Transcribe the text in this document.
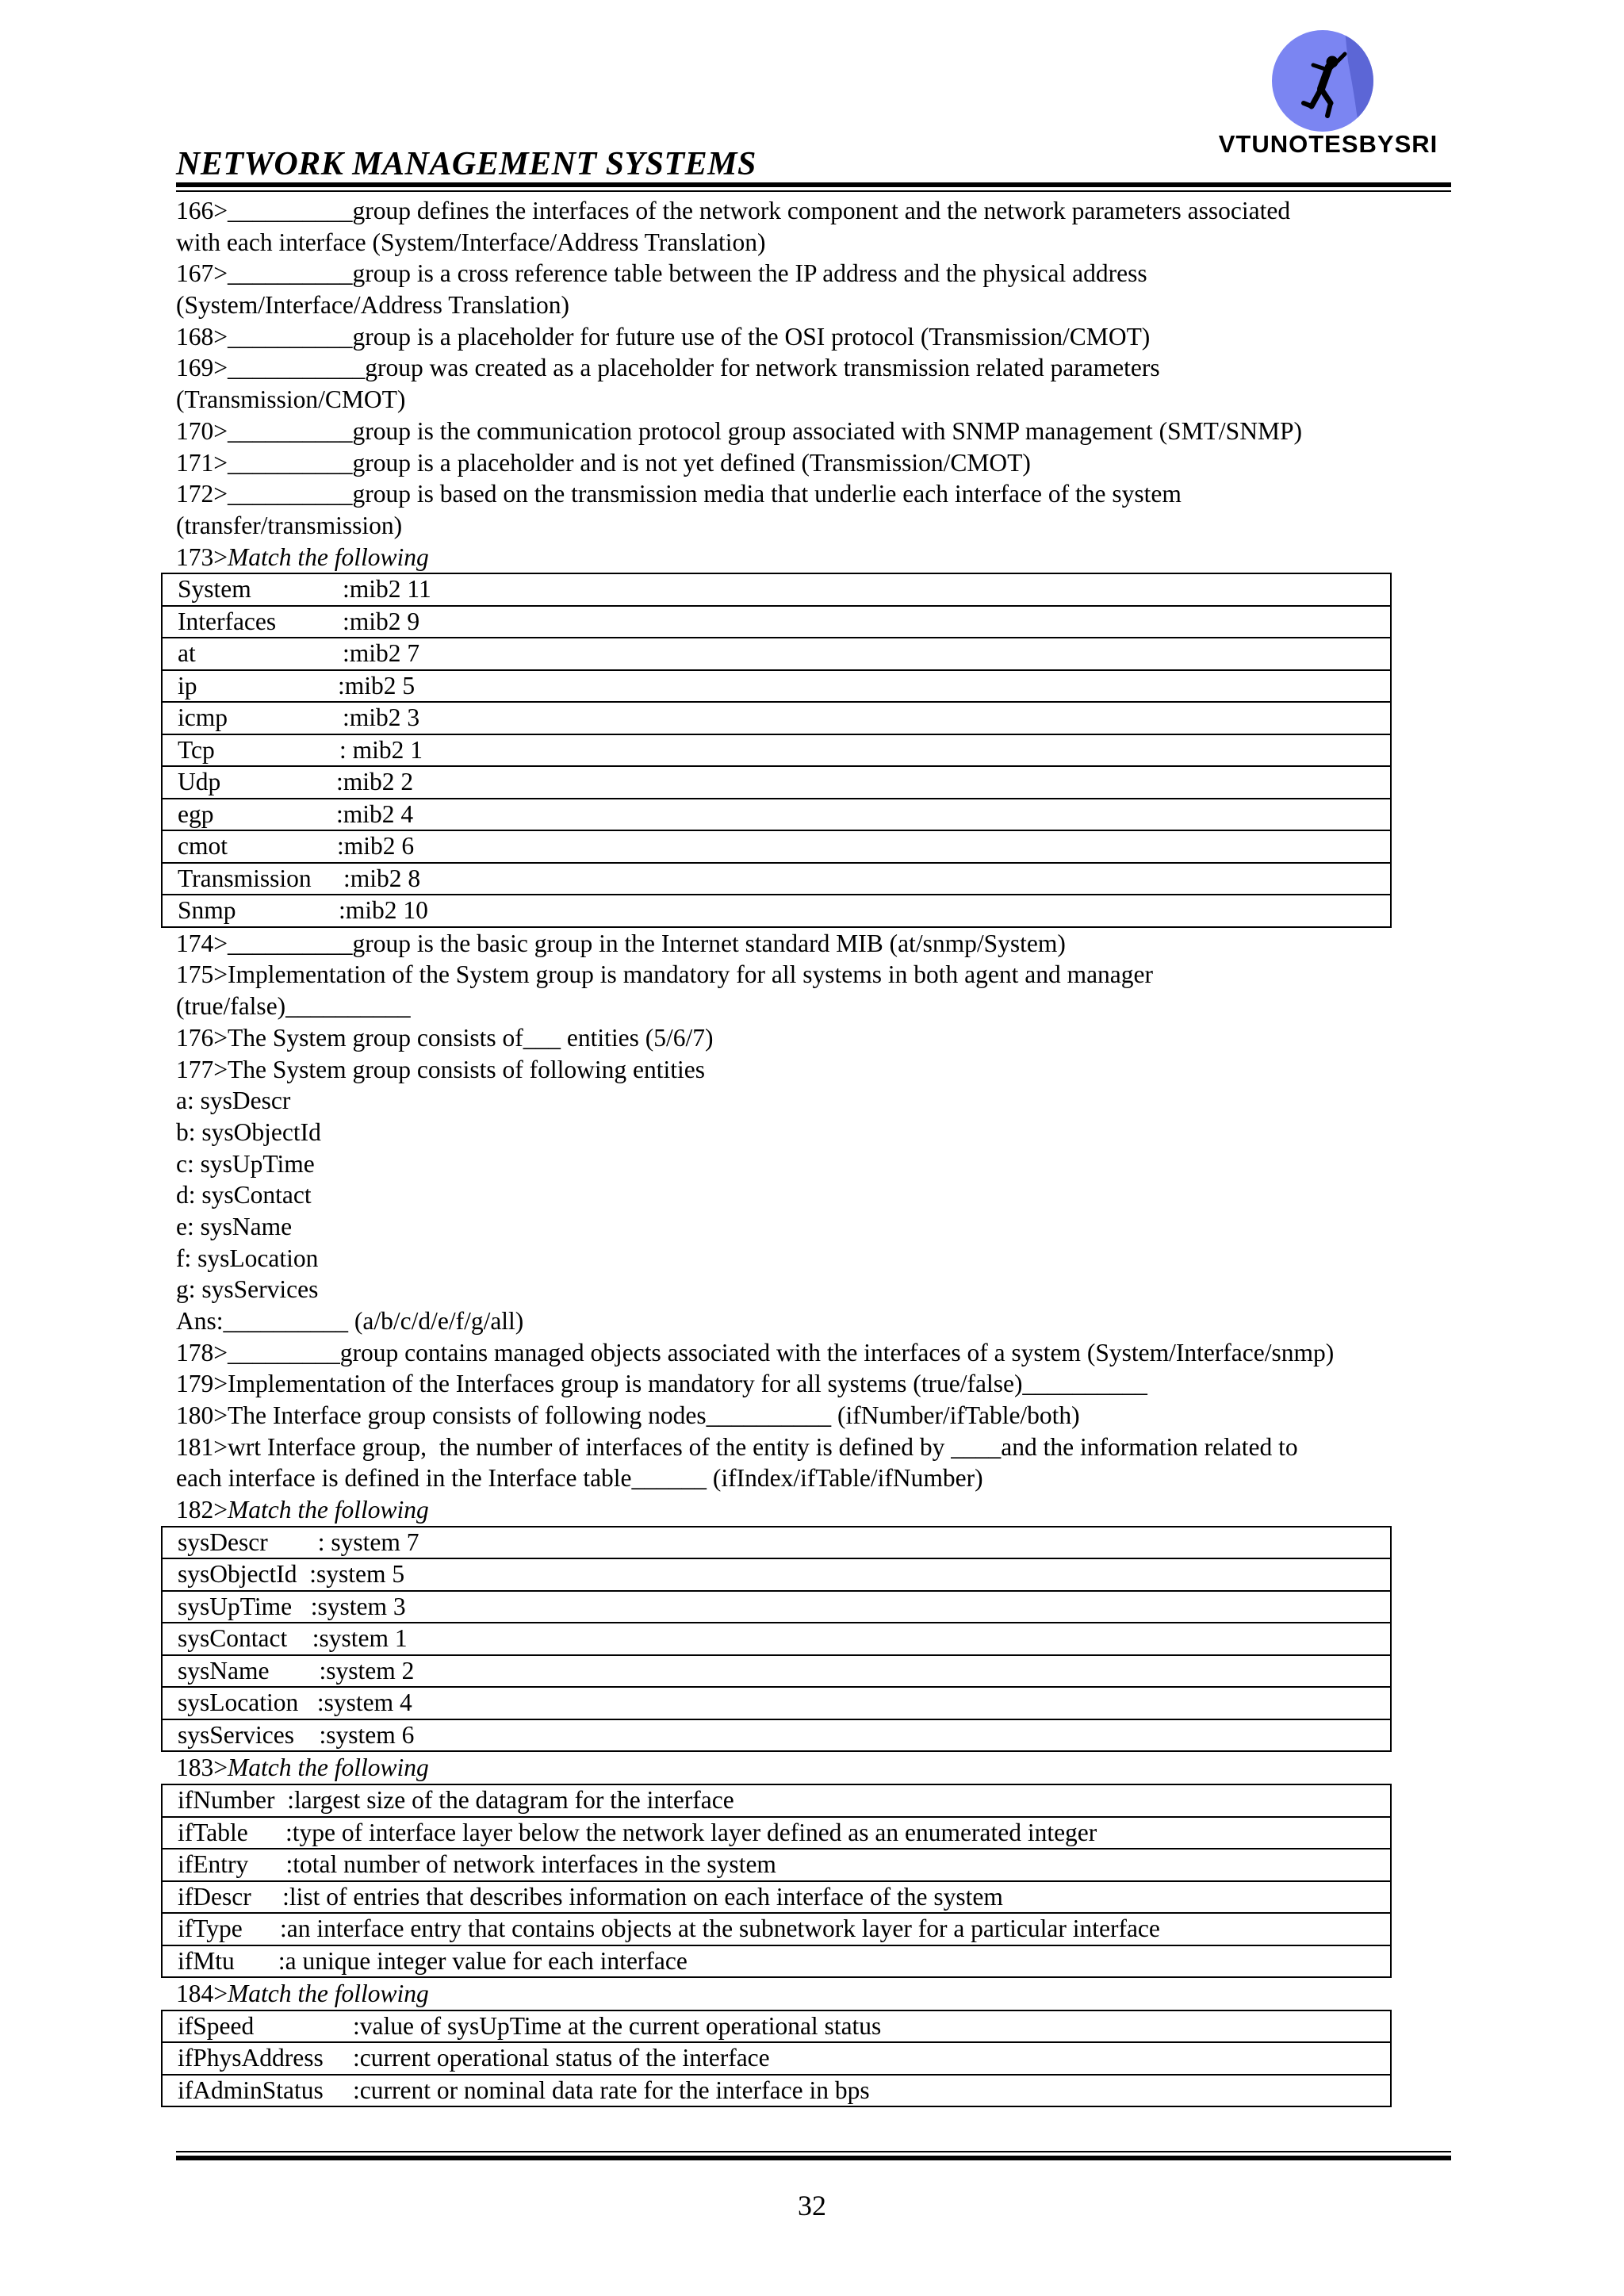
VTUNOTESBYSRI
NETWORK MANAGEMENT SYSTEMS
166>__________group defines the interfaces of the network component and the network parameters associated
with each interface (System/Interface/Address Translation)
167>__________group is a cross reference table between the IP address and the physical address
(System/Interface/Address Translation)
168>__________group is a placeholder for future use of the OSI protocol (Transmission/CMOT)
169>___________group was created as a placeholder for network transmission related parameters
(Transmission/CMOT)
170>__________group is the communication protocol group associated with SNMP management (SMT/SNMP)
171>__________group is a placeholder and is not yet defined (Transmission/CMOT)
172>__________group is based on the transmission media that underlie each interface of the system
(transfer/transmission)
173>Match the following
System	:mib2 11
Interfaces	:mib2 9
at	:mib2 7
ip	:mib2 5
icmp	:mib2 3
Tcp	: mib2 1
Udp	:mib2 2
egp	:mib2 4
cmot	:mib2 6
Transmission :mib2 8
Snmp	:mib2 10
174>__________group is the basic group in the Internet standard MIB (at/snmp/System)
175>Implementation of the System group is mandatory for all systems in both agent and manager
(true/false)__________
176>The System group consists of___ entities (5/6/7)
177>The System group consists of following entities
a: sysDescr
b: sysObjectId
c: sysUpTime
d: sysContact
e: sysName
f: sysLocation
g: sysServices
Ans:__________ (a/b/c/d/e/f/g/all)
178>_________group contains managed objects associated with the interfaces of a system (System/Interface/snmp)
179>Implementation of the Interfaces group is mandatory for all systems (true/false)__________
180>The Interface group consists of following nodes__________ (ifNumber/ifTable/both)
181>wrt Interface group,  the number of interfaces of the entity is defined by ____and the information related to
each interface is defined in the Interface table______ (ifIndex/ifTable/ifNumber)
182>Match the following
sysDescr        : system 7
sysObjectId  :system 5
sysUpTime   :system 3
sysContact    :system 1
sysName        :system 2
sysLocation   :system 4
sysServices    :system 6
183>Match the following
ifNumber  :largest size of the datagram for the interface
ifTable      :type of interface layer below the network layer defined as an enumerated integer
ifEntry      :total number of network interfaces in the system
ifDescr     :list of entries that describes information on each interface of the system
ifType      :an interface entry that contains objects at the subnetwork layer for a particular interface
ifMtu       :a unique integer value for each interface
184>Match the following
ifSpeed	:value of sysUpTime at the current operational status
ifPhysAddress :current operational status of the interface
ifAdminStatus :current or nominal data rate for the interface in bps
32
